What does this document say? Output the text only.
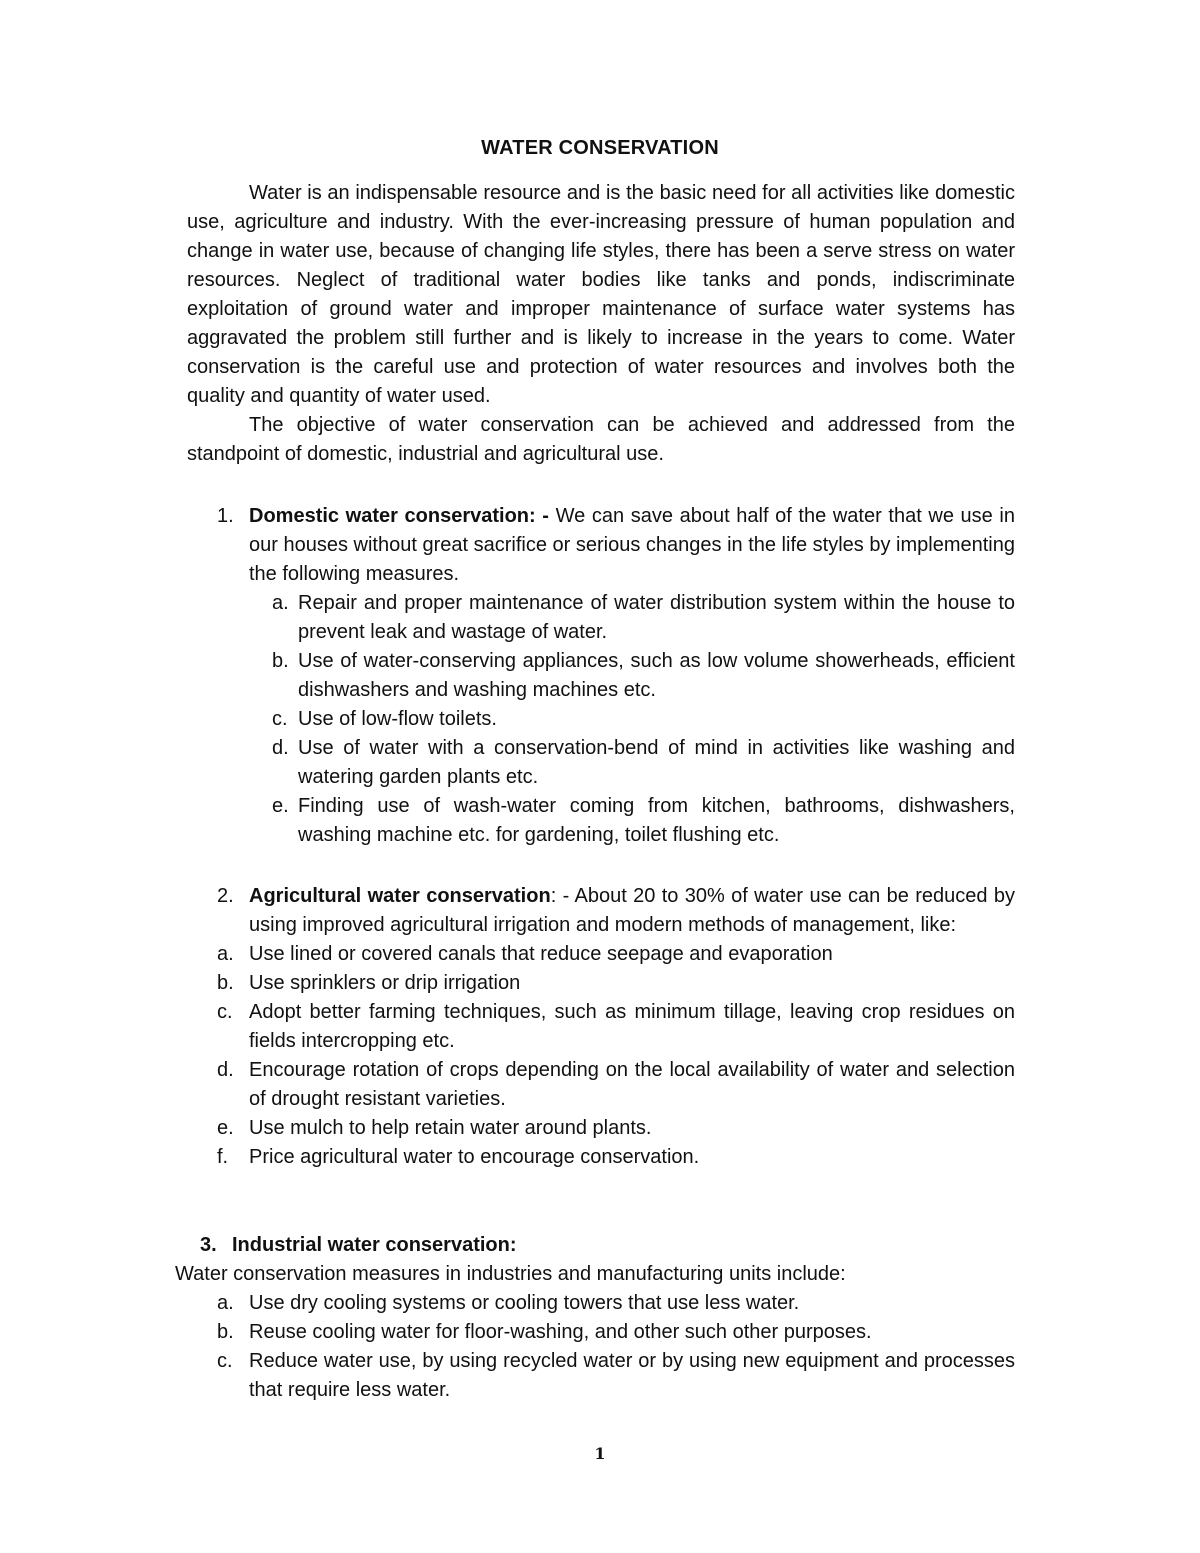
WATER CONSERVATION

Water is an indispensable resource and is the basic need for all activities like domestic use, agriculture and industry. With the ever-increasing pressure of human population and change in water use, because of changing life styles, there has been a serve stress on water resources. Neglect of traditional water bodies like tanks and ponds, indiscriminate exploitation of ground water and improper maintenance of surface water systems has aggravated the problem still further and is likely to increase in the years to come. Water conservation is the careful use and protection of water resources and involves both the quality and quantity of water used.

The objective of water conservation can be achieved and addressed from the standpoint of domestic, industrial and agricultural use.

1. Domestic water conservation: - We can save about half of the water that we use in our houses without great sacrifice or serious changes in the life styles by implementing the following measures.
a. Repair and proper maintenance of water distribution system within the house to prevent leak and wastage of water.
b. Use of water-conserving appliances, such as low volume showerheads, efficient dishwashers and washing machines etc.
c. Use of low-flow toilets.
d. Use of water with a conservation-bend of mind in activities like washing and watering garden plants etc.
e. Finding use of wash-water coming from kitchen, bathrooms, dishwashers, washing machine etc. for gardening, toilet flushing etc.
2. Agricultural water conservation: - About 20 to 30% of water use can be reduced by using improved agricultural irrigation and modern methods of management, like:
a. Use lined or covered canals that reduce seepage and evaporation
b. Use sprinklers or drip irrigation
c. Adopt better farming techniques, such as minimum tillage, leaving crop residues on fields intercropping etc.
d. Encourage rotation of crops depending on the local availability of water and selection of drought resistant varieties.
e. Use mulch to help retain water around plants.
f. Price agricultural water to encourage conservation.
3. Industrial water conservation:

Water conservation measures in industries and manufacturing units include:

a. Use dry cooling systems or cooling towers that use less water.
b. Reuse cooling water for floor-washing, and other such other purposes.
c. Reduce water use, by using recycled water or by using new equipment and processes that require less water.
1
